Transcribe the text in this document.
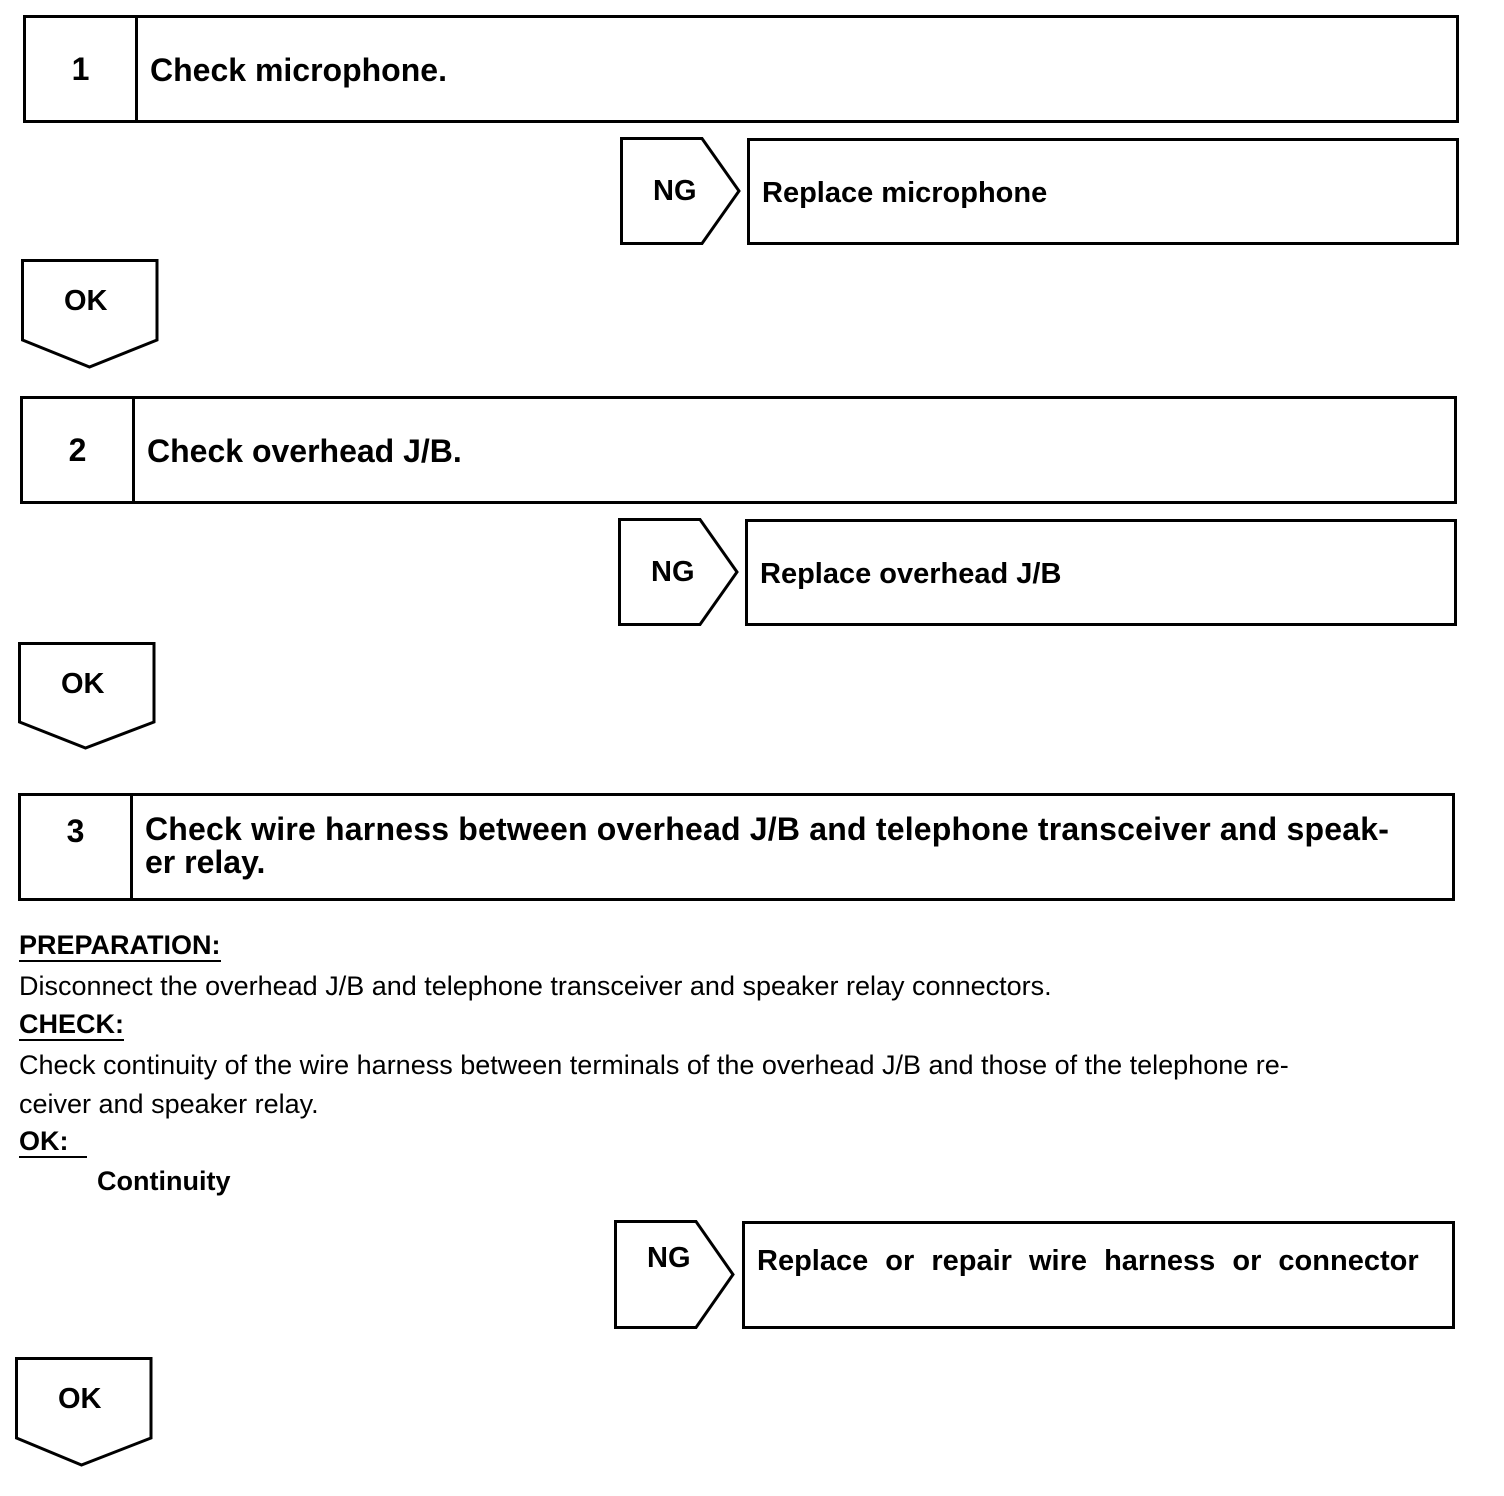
1	Check microphone.
NG Replace microphone
OK
2	Check overhead J/B.
NG Replace overhead J/B
OK
3	Check wire harness between overhead J/B and telephone transceiver and speak-
er relay.
PREPARATION:
Disconnect the overhead J/B and telephone transceiver and speaker relay connectors.
CHECK:
Check continuity of the wire harness between terminals of the overhead J/B and those of the telephone re-
ceiver and speaker relay.
OK:
Continuity
NG Replace or repair wire harness or connector
OK
